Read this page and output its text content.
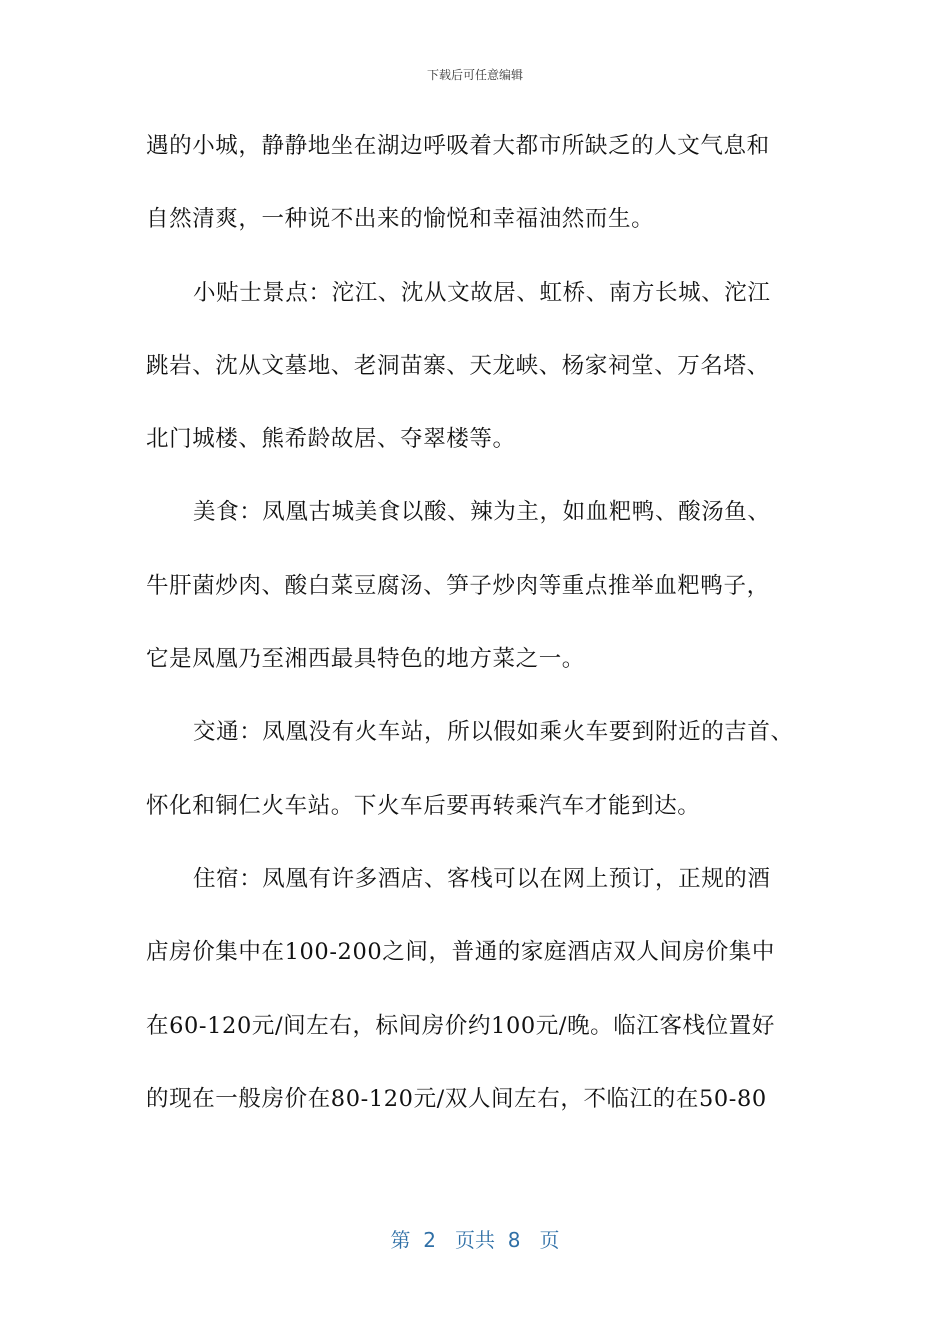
下载后可任意编辑
遇的小城，静静地坐在湖边呼吸着大都市所缺乏的人文气息和
自然清爽，一种说不出来的愉悦和幸福油然而生。
小贴士景点：沱江、沈从文故居、虹桥、南方长城、沱江
跳岩、沈从文墓地、老洞苗寨、天龙峡、杨家祠堂、万名塔、
北门城楼、熊希龄故居、夺翠楼等。
美食：凤凰古城美食以酸、辣为主，如血粑鸭、酸汤鱼、
牛肝菌炒肉、酸白菜豆腐汤、笋子炒肉等重点推举血粑鸭子，
它是凤凰乃至湘西最具特色的地方菜之一。
交通：凤凰没有火车站，所以假如乘火车要到附近的吉首、
怀化和铜仁火车站。下火车后要再转乘汽车才能到达。
住宿：凤凰有许多酒店、客栈可以在网上预订，正规的酒
店房价集中在100-200之间，普通的家庭酒店双人间房价集中
在60-120元/间左右，标间房价约100元/晚。临江客栈位置好
的现在一般房价在80-120元/双人间左右，不临江的在50-80
第  2   页共  8   页
